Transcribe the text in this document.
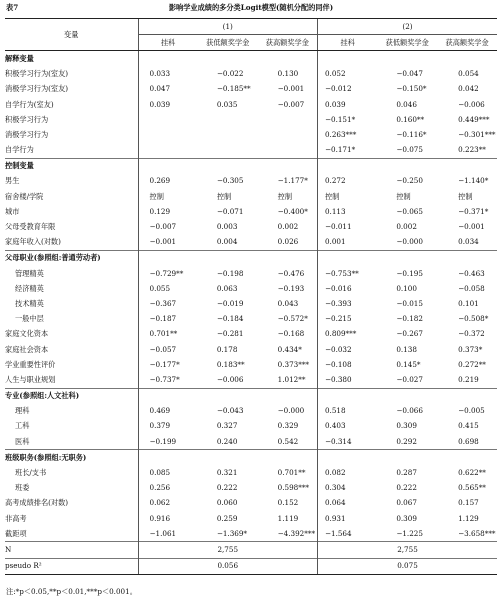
表7	影响学业成绩的多分类Logit模型(随机分配的同伴)
变量	(1)			(2)		
	挂科	获低额奖学金	获高额奖学金	挂科	获低额奖学金	获高额奖学金
解释变量						
积极学习行为(室友)	0.033	−0.022	0.130	0.052	−0.047	0.054
消极学习行为(室友)	0.047	−0.185**	−0.001	−0.012	−0.150*	0.042
自学行为(室友)	0.039	0.035	−0.007	0.039	0.046	−0.006
积极学习行为				−0.151*	0.160**	0.449***
消极学习行为				0.263***	−0.116*	−0.301***
自学行为				−0.171*	−0.075	0.223**
控制变量						
男生	0.269	−0.305	−1.177*	0.272	−0.250	−1.140*
宿舍楼/学院	控制	控制	控制	控制	控制	控制
城市	0.129	−0.071	−0.400*	0.113	−0.065	−0.371*
父母受教育年限	−0.007	0.003	0.002	−0.011	0.002	−0.001
家庭年收入(对数)	−0.001	0.004	0.026	0.001	−0.000	0.034
父母职业(参照组:普通劳动者)						
管理精英	−0.729**	−0.198	−0.476	−0.753**	−0.195	−0.463
经济精英	0.055	0.063	−0.193	−0.016	0.100	−0.058
技术精英	−0.367	−0.019	0.043	−0.393	−0.015	0.101
一般中层	−0.187	−0.184	−0.572*	−0.215	−0.182	−0.508*
家庭文化资本	0.701**	−0.281	−0.168	0.809***	−0.267	−0.372
家庭社会资本	−0.057	0.178	0.434*	−0.032	0.138	0.373*
学业重要性评价	−0.177*	0.183**	0.373***	−0.108	0.145*	0.272**
人生与职业规划	−0.737*	−0.006	1.012**	−0.380	−0.027	0.219
专业(参照组:人文社科)						
理科	0.469	−0.043	−0.000	0.518	−0.066	−0.005
工科	0.379	0.327	0.329	0.403	0.309	0.415
医科	−0.199	0.240	0.542	−0.314	0.292	0.698
班级职务(参照组:无职务)						
班长/支书	0.085	0.321	0.701**	0.082	0.287	0.622**
班委	0.256	0.222	0.598***	0.304	0.222	0.565**
高考成绩排名(对数)	0.062	0.060	0.152	0.064	0.067	0.157
非高考	0.916	0.259	1.119	0.931	0.309	1.129
截距项	−1.061	−1.369*	−4.392***	−1.564	−1.225	−3.658***
N	2,755			2,755		
pseudo R²	0.056			0.075		
注:*p＜0.05,**p＜0.01,***p＜0.001。
